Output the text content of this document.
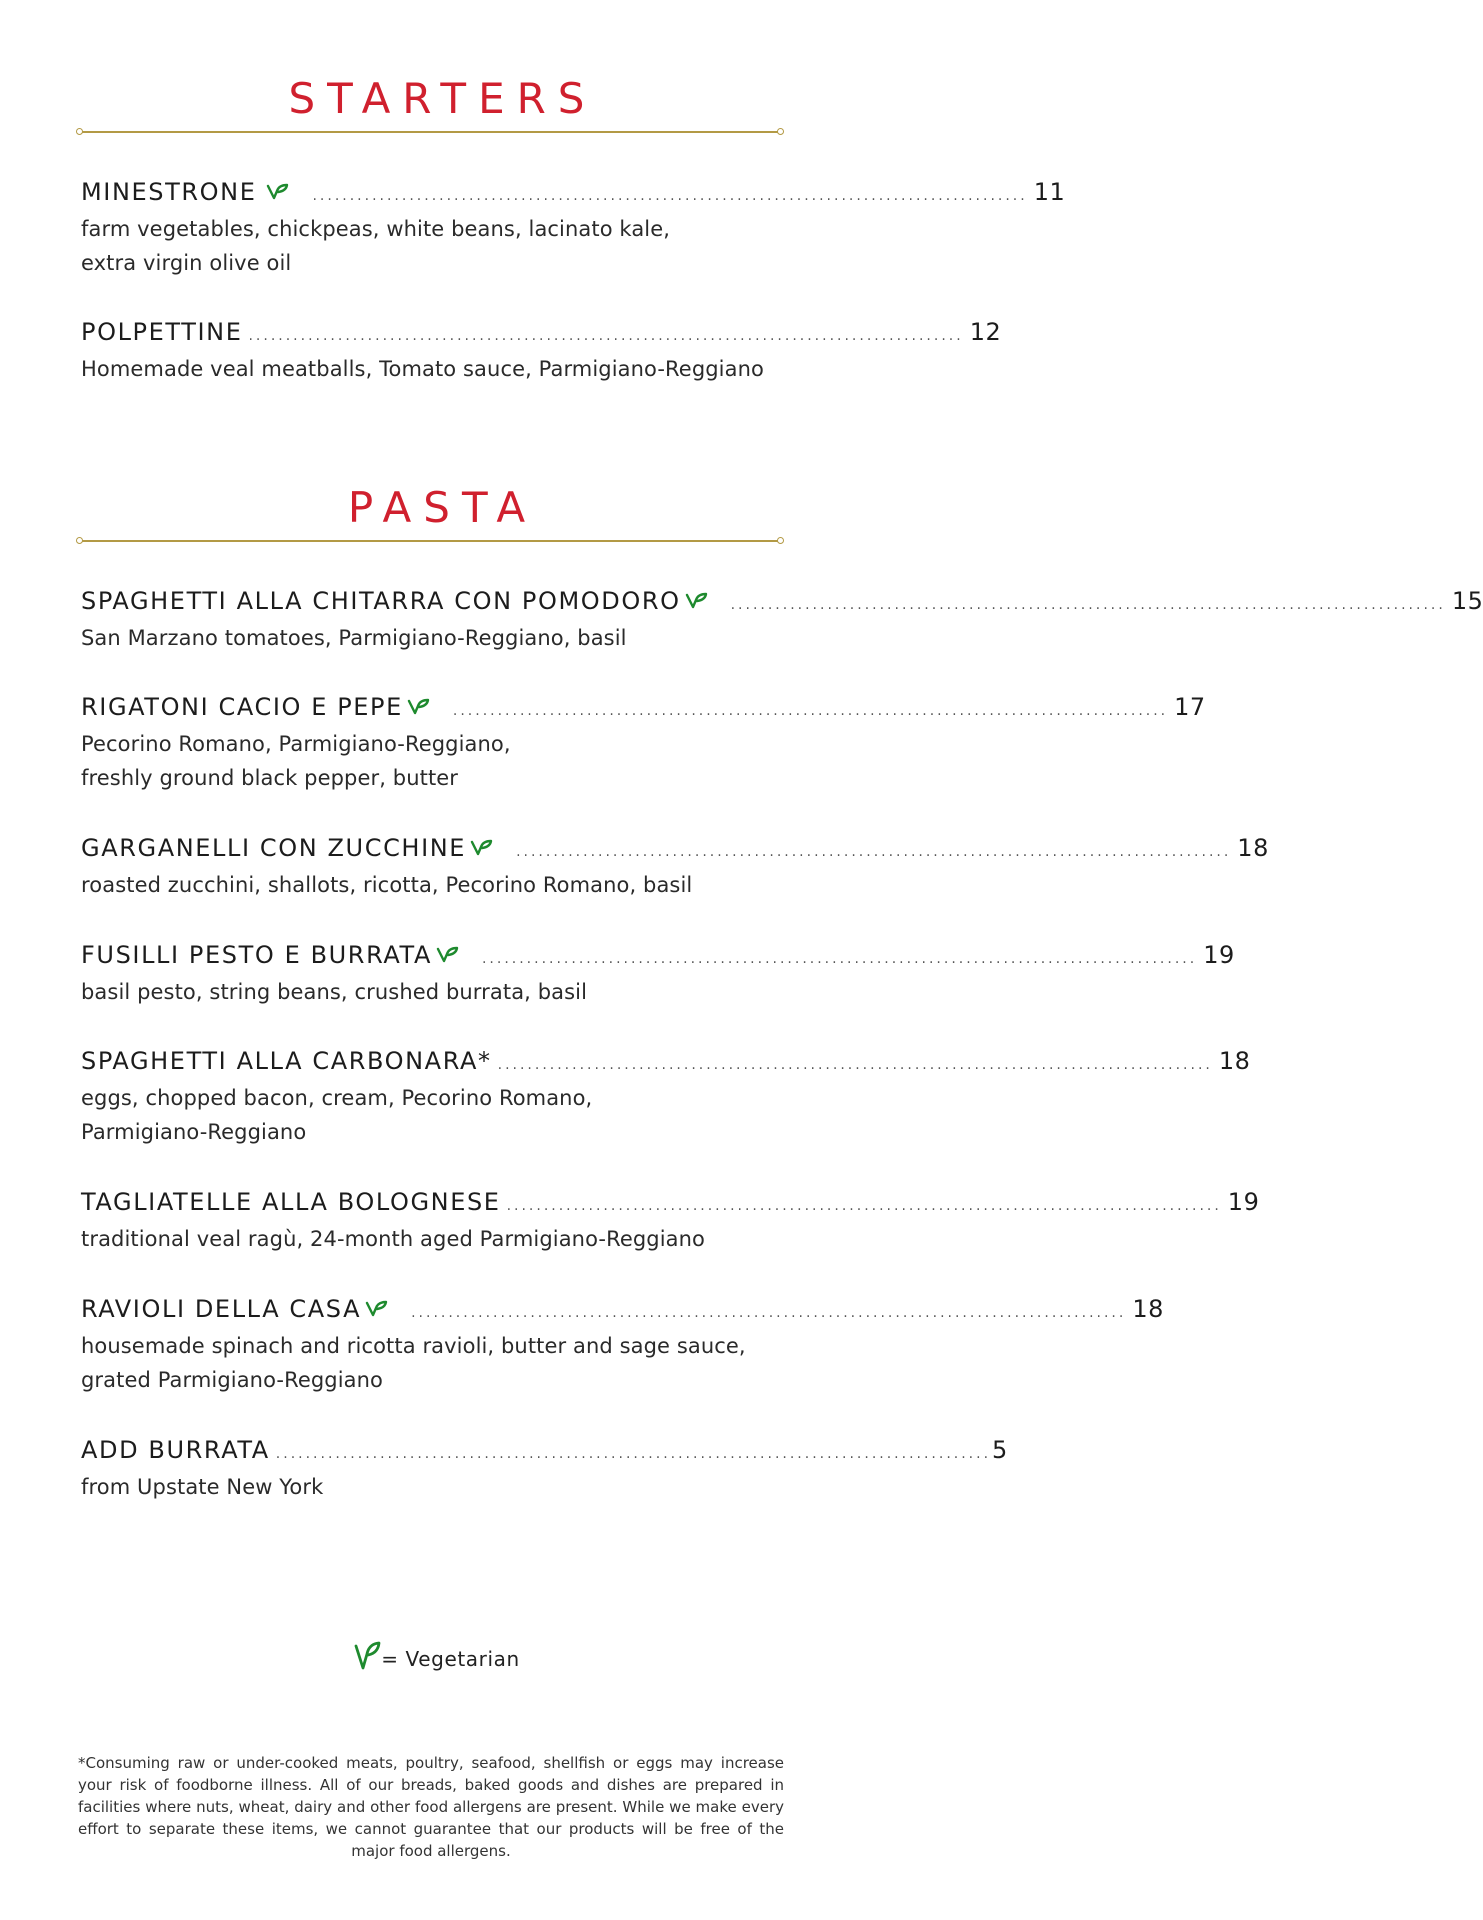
STARTERS
MINESTRONE	................................................................................................ 11

farm vegetables, chickpeas, white beans, lacinato kale,

extra virgin olive oil

POLPETTINE ................................................................................................ 12

Homemade veal meatballs, Tomato sauce, Parmigiano-Reggiano

PASTA
SPAGHETTI ALLA CHITARRA CON POMODORO	................................................................................................ 15

San Marzano tomatoes, Parmigiano-Reggiano, basil

RIGATONI CACIO E PEPE	................................................................................................ 17

Pecorino Romano, Parmigiano-Reggiano,

freshly ground black pepper, butter

GARGANELLI CON ZUCCHINE	................................................................................................ 18

roasted zucchini, shallots, ricotta, Pecorino Romano, basil

FUSILLI PESTO E BURRATA	................................................................................................ 19

basil pesto, string beans, crushed burrata, basil

SPAGHETTI ALLA CARBONARA* ................................................................................................ 18

eggs, chopped bacon, cream, Pecorino Romano,

Parmigiano-Reggiano

TAGLIATELLE ALLA BOLOGNESE ................................................................................................ 19

traditional veal ragù, 24-month aged Parmigiano-Reggiano

RAVIOLI DELLA CASA	................................................................................................ 18

housemade spinach and ricotta ravioli, butter and sage sauce,

grated Parmigiano-Reggiano

ADD BURRATA ................................................................................................ 5

from Upstate New York

= Vegetarian

*Consuming raw or under-cooked meats, poultry, seafood, shellfish or eggs may increase your risk of foodborne illness. All of our breads, baked goods and dishes are prepared in facilities where nuts, wheat, dairy and other food allergens are present. While we make every effort to separate these items, we cannot guarantee that our products will be free of the major food allergens.
